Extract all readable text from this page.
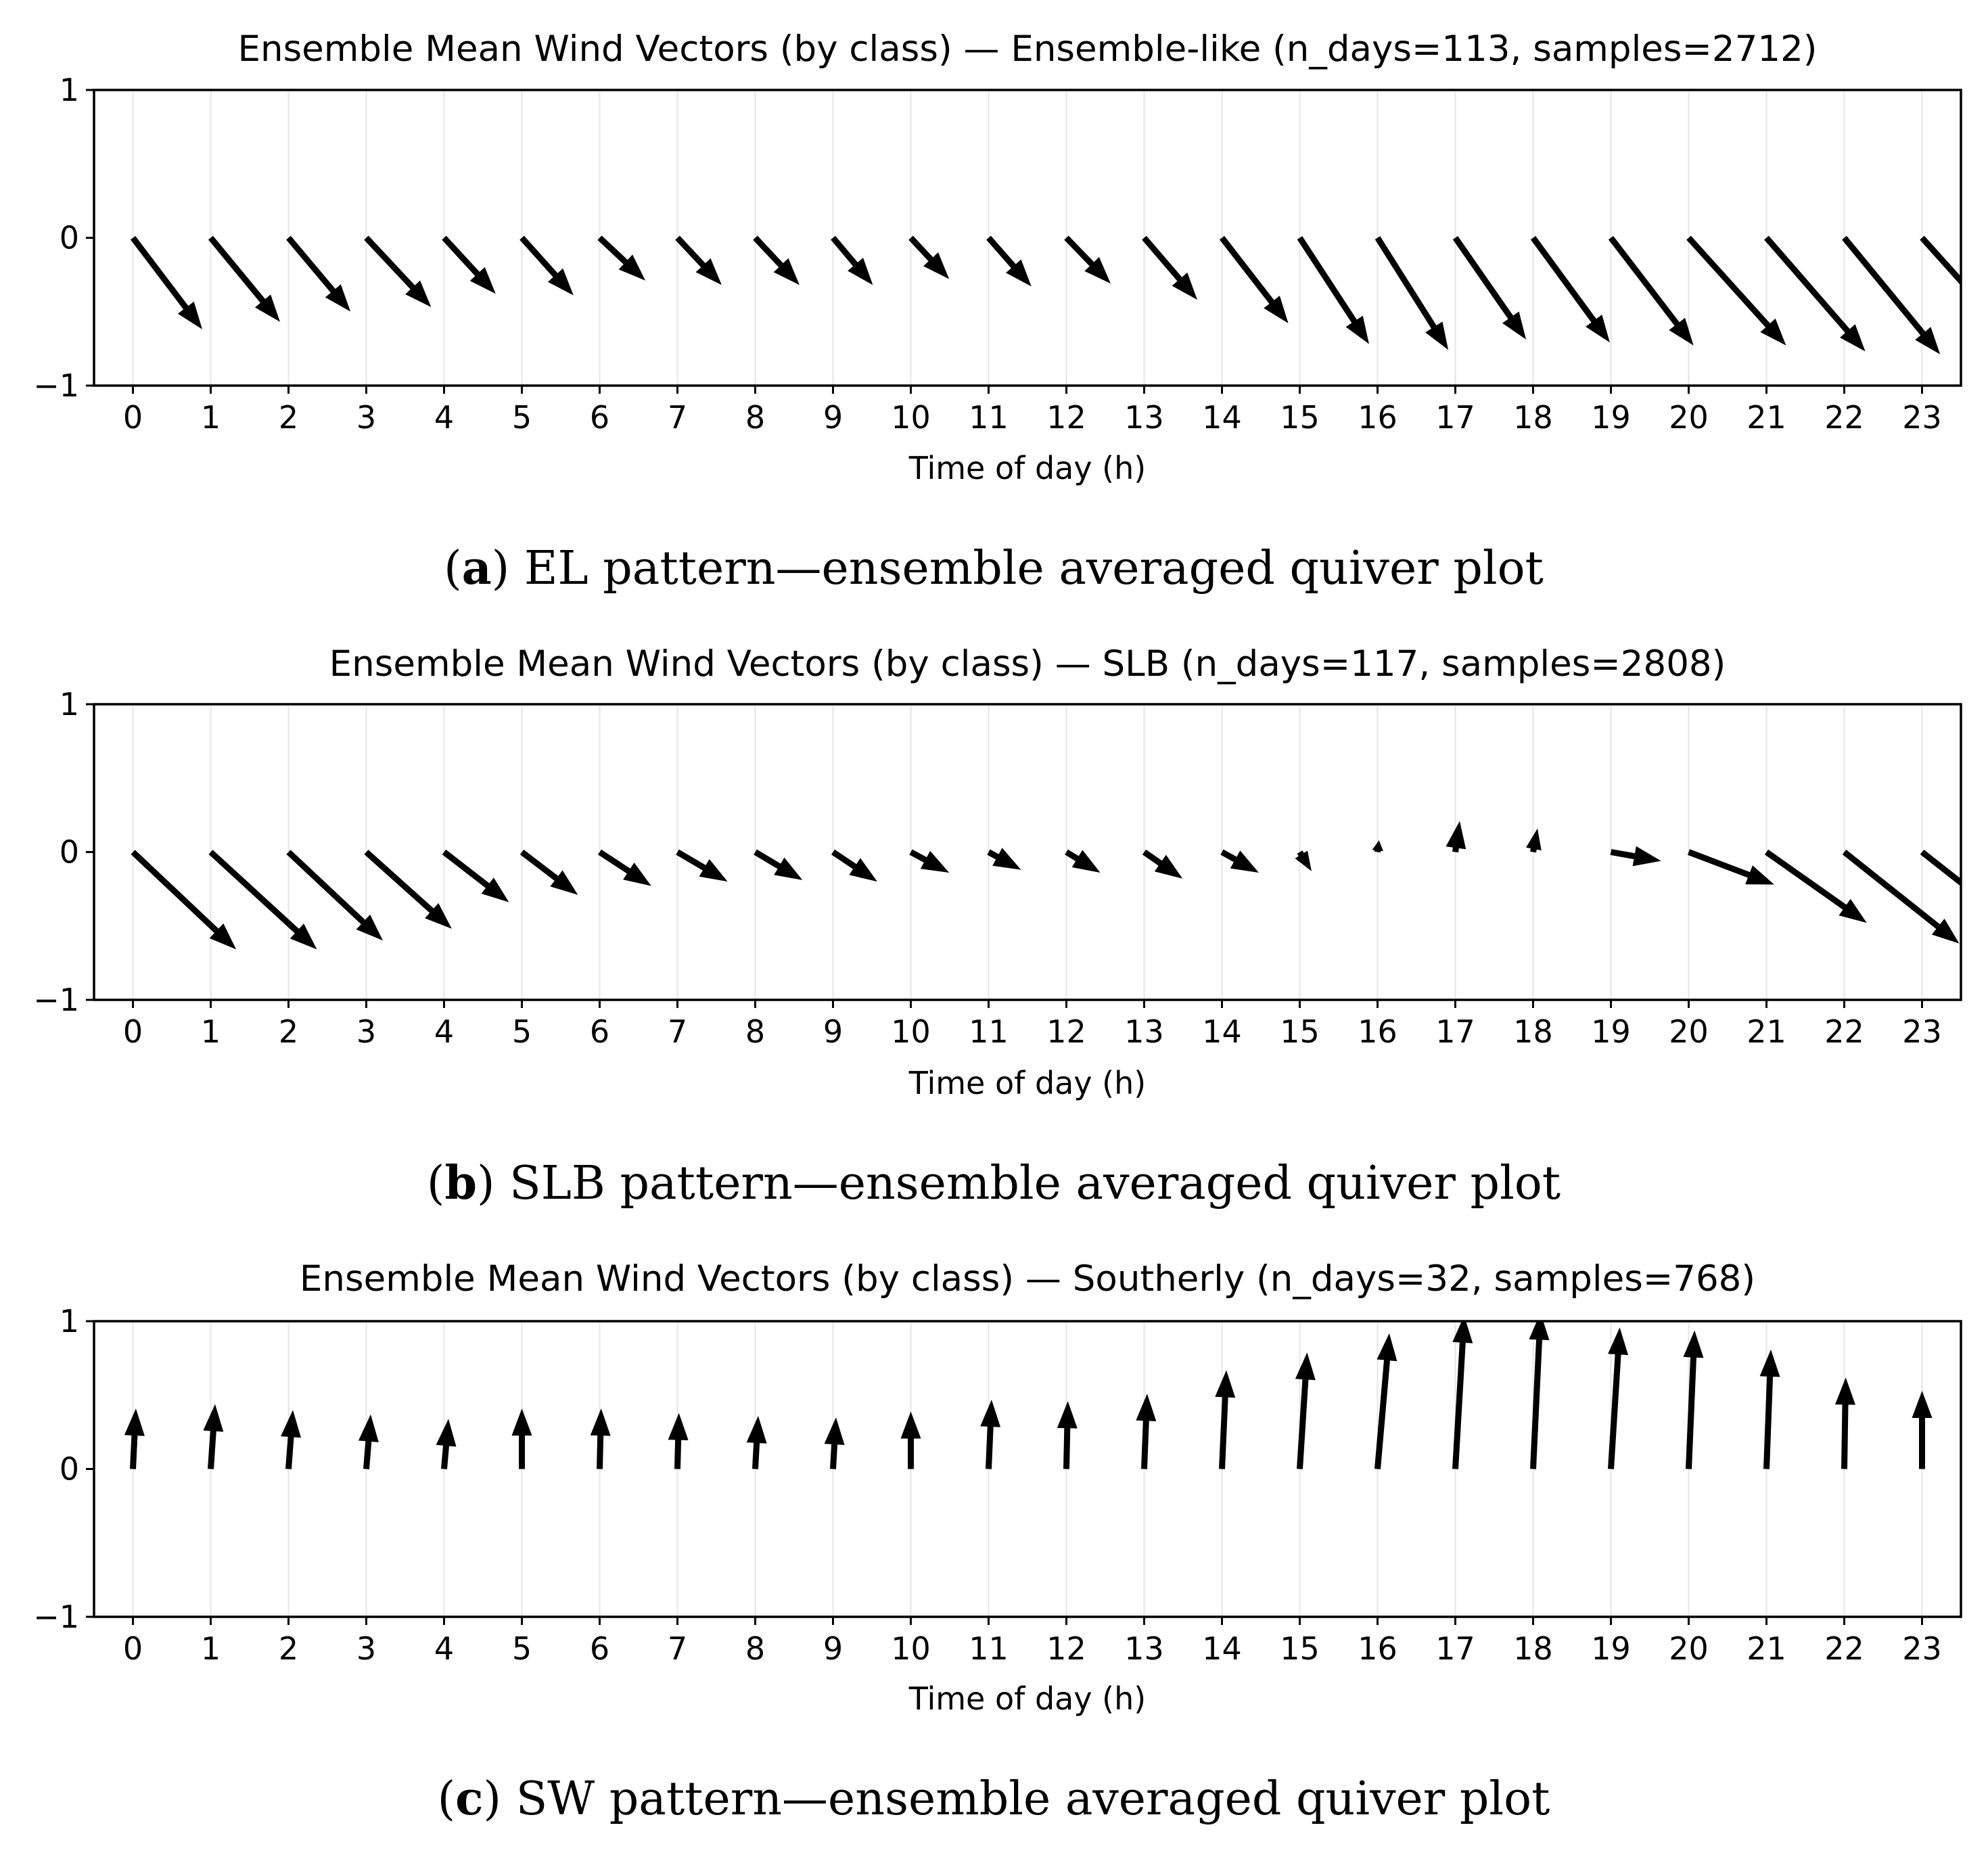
Ensemble Mean Wind Vectors (by class) — Ensemble-like (n_days=113, samples=2712)
0 1 2 3 4 5 6 7 8 9 10 11 12 13 14 15 16 17 18 19 20 21 22 23
1
0
−1
Time of day (h)
(a) EL pattern—ensemble averaged quiver plot
Ensemble Mean Wind Vectors (by class) — SLB (n_days=117, samples=2808)
0 1 2 3 4 5 6 7 8 9 10 11 12 13 14 15 16 17 18 19 20 21 22 23
1
0
−1
Time of day (h)
(b) SLB pattern—ensemble averaged quiver plot
Ensemble Mean Wind Vectors (by class) — Southerly (n_days=32, samples=768)
0 1 2 3 4 5 6 7 8 9 10 11 12 13 14 15 16 17 18 19 20 21 22 23
1
0
−1
Time of day (h)
(c) SW pattern—ensemble averaged quiver plot
